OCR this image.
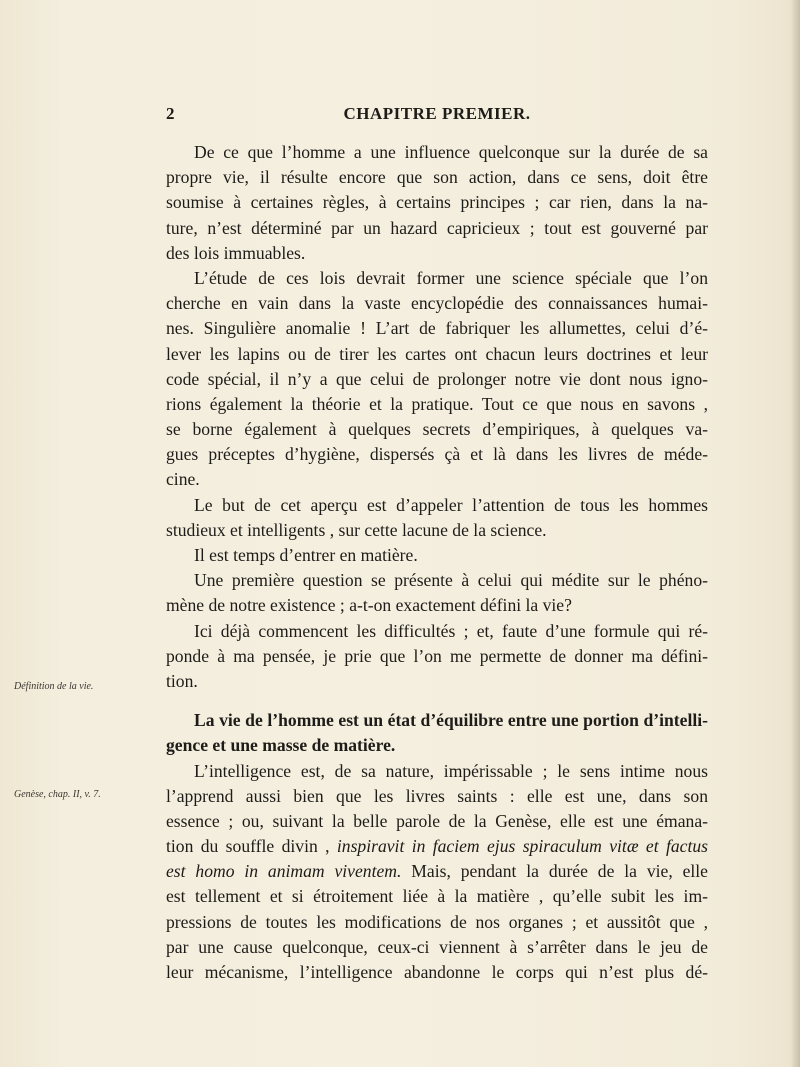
2	CHAPITRE PREMIER.
Définition de la vie.
Genèse, chap. II, v. 7.
De ce que l’homme a une influence quelconque sur la durée de sa
propre vie, il résulte encore que son action, dans ce sens, doit être
soumise à certaines règles, à certains principes ; car rien, dans la na-
ture, n’est déterminé par un hazard capricieux ; tout est gouverné par
des lois immuables.
L’étude de ces lois devrait former une science spéciale que l’on
cherche en vain dans la vaste encyclopédie des connaissances humai-
nes. Singulière anomalie ! L’art de fabriquer les allumettes, celui d’é-
lever les lapins ou de tirer les cartes ont chacun leurs doctrines et leur
code spécial, il n’y a que celui de prolonger notre vie dont nous igno-
rions également la théorie et la pratique. Tout ce que nous en savons ,
se borne également à quelques secrets d’empiriques, à quelques va-
gues préceptes d’hygiène, dispersés çà et là dans les livres de méde-
cine.
Le but de cet aperçu est d’appeler l’attention de tous les hommes
studieux et intelligents , sur cette lacune de la science.
Il est temps d’entrer en matière.
Une première question se présente à celui qui médite sur le phéno-
mène de notre existence ; a-t-on exactement défini la vie?
Ici déjà commencent les difficultés ; et, faute d’une formule qui ré-
ponde à ma pensée, je prie que l’on me permette de donner ma défini-
tion.
La vie de l’homme est un état d’équilibre entre une portion d’intelli-
gence et une masse de matière.
L’intelligence est, de sa nature, impérissable ; le sens intime nous
l’apprend aussi bien que les livres saints : elle est une, dans son
essence ; ou, suivant la belle parole de la Genèse, elle est une émana-
tion du souffle divin , inspiravit in faciem ejus spiraculum vitæ et factus
est homo in animam viventem. Mais, pendant la durée de la vie, elle
est tellement et si étroitement liée à la matière , qu’elle subit les im-
pressions de toutes les modifications de nos organes ; et aussitôt que ,
par une cause quelconque, ceux-ci viennent à s’arrêter dans le jeu de
leur mécanisme, l’intelligence abandonne le corps qui n’est plus dé-
